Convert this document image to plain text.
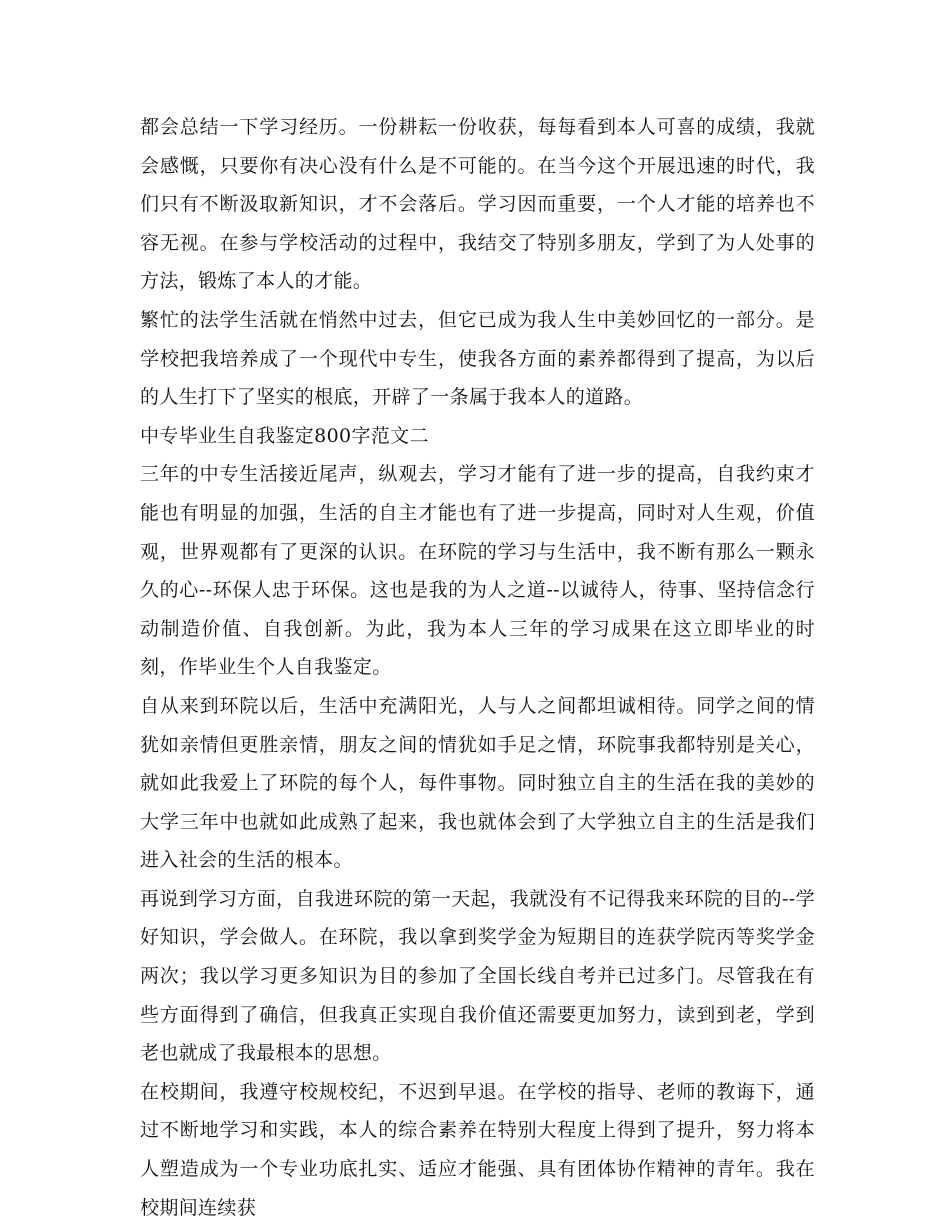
都会总结一下学习经历。一份耕耘一份收获，每每看到本人可喜的成绩，我就会感慨，只要你有决心没有什么是不可能的。在当今这个开展迅速的时代，我们只有不断汲取新知识，才不会落后。学习因而重要，一个人才能的培养也不容无视。在参与学校活动的过程中，我结交了特别多朋友，学到了为人处事的方法，锻炼了本人的才能。

繁忙的法学生活就在悄然中过去，但它已成为我人生中美妙回忆的一部分。是学校把我培养成了一个现代中专生，使我各方面的素养都得到了提高，为以后的人生打下了坚实的根底，开辟了一条属于我本人的道路。

中专毕业生自我鉴定800字范文二

三年的中专生活接近尾声，纵观去，学习才能有了进一步的提高，自我约束才能也有明显的加强，生活的自主才能也有了进一步提高，同时对人生观，价值观，世界观都有了更深的认识。在环院的学习与生活中，我不断有那么一颗永久的心--环保人忠于环保。这也是我的为人之道--以诚待人，待事、坚持信念行动制造价值、自我创新。为此，我为本人三年的学习成果在这立即毕业的时刻，作毕业生个人自我鉴定。

自从来到环院以后，生活中充满阳光，人与人之间都坦诚相待。同学之间的情犹如亲情但更胜亲情，朋友之间的情犹如手足之情，环院事我都特别是关心，就如此我爱上了环院的每个人，每件事物。同时独立自主的生活在我的美妙的大学三年中也就如此成熟了起来，我也就体会到了大学独立自主的生活是我们进入社会的生活的根本。

再说到学习方面，自我进环院的第一天起，我就没有不记得我来环院的目的--学好知识，学会做人。在环院，我以拿到奖学金为短期目的连获学院丙等奖学金两次；我以学习更多知识为目的参加了全国长线自考并已过多门。尽管我在有些方面得到了确信，但我真正实现自我价值还需要更加努力，读到到老，学到老也就成了我最根本的思想。

在校期间，我遵守校规校纪，不迟到早退。在学校的指导、老师的教诲下，通过不断地学习和实践，本人的综合素养在特别大程度上得到了提升，努力将本人塑造成为一个专业功底扎实、适应才能强、具有团体协作精神的青年。我在校期间连续获
